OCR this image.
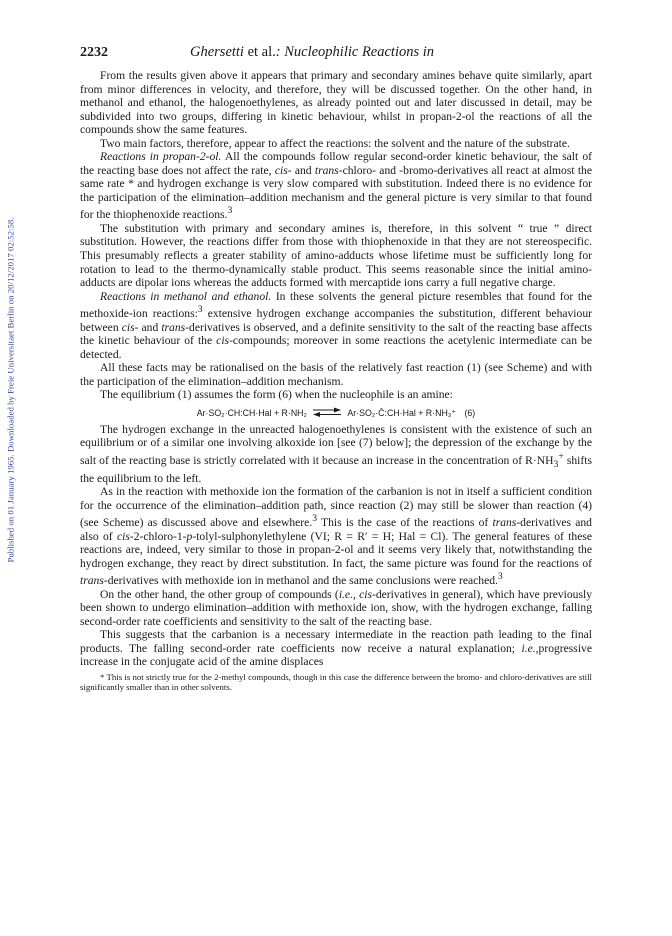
Published on 01 January 1965. Downloaded by Freie Universitaet Berlin on 20/12/2017 02:52:58.
2232	Ghersetti et al.: Nucleophilic Reactions in

From the results given above it appears that primary and secondary amines behave quite similarly, apart from minor differences in velocity, and therefore, they will be discussed together. On the other hand, in methanol and ethanol, the halogenoethylenes, as already pointed out and later discussed in detail, may be subdivided into two groups, differing in kinetic behaviour, whilst in propan-2-ol the reactions of all the compounds show the same features.

Two main factors, therefore, appear to affect the reactions: the solvent and the nature of the substrate.

Reactions in propan-2-ol. All the compounds follow regular second-order kinetic behaviour, the salt of the reacting base does not affect the rate, cis- and trans-chloro- and -bromo-derivatives all react at almost the same rate * and hydrogen exchange is very slow compared with substitution. Indeed there is no evidence for the participation of the elimination–addition mechanism and the general picture is very similar to that found for the thiophenoxide reactions.$^3$

The substitution with primary and secondary amines is, therefore, in this solvent “ true ” direct substitution. However, the reactions differ from those with thiophenoxide in that they are not stereospecific. This presumably reflects a greater stability of amino-adducts whose lifetime must be sufficiently long for rotation to lead to the thermo-dynamically stable product. This seems reasonable since the initial amino-adducts are dipolar ions whereas the adducts formed with mercaptide ions carry a full negative charge.

Reactions in methanol and ethanol. In these solvents the general picture resembles that found for the methoxide-ion reactions:$^3$ extensive hydrogen exchange accompanies the substitution, different behaviour between cis- and trans-derivatives is observed, and a definite sensitivity to the salt of the reacting base affects the kinetic behaviour of the cis-compounds; moreover in some reactions the acetylenic intermediate can be detected.

All these facts may be rationalised on the basis of the relatively fast reaction (1) (see Scheme) and with the participation of the elimination–addition mechanism.

The equilibrium (1) assumes the form (6) when the nucleophile is an amine:

Ar·SO₂·CH:CH·Hal + R·NH₂ ⇌ Ar·SO₂·C̄:CH·Hal + R·NH₃⁺ (6)

The hydrogen exchange in the unreacted halogenoethylenes is consistent with the existence of such an equilibrium or of a similar one involving alkoxide ion [see (7) below]; the depression of the exchange by the salt of the reacting base is strictly correlated with it because an increase in the concentration of $R\cdot NH_3^+$ shifts the equilibrium to the left.

As in the reaction with methoxide ion the formation of the carbanion is not in itself a sufficient condition for the occurrence of the elimination–addition path, since reaction (2) may still be slower than reaction (4) (see Scheme) as discussed above and elsewhere.$^3$ This is the case of the reactions of trans-derivatives and also of cis-2-chloro-1-p-tolyl-sulphonylethylene (VI; R = R′ = H; Hal = Cl). The general features of these reactions are, indeed, very similar to those in propan-2-ol and it seems very likely that, notwithstanding the hydrogen exchange, they react by direct substitution. In fact, the same picture was found for the reactions of trans-derivatives with methoxide ion in methanol and the same conclusions were reached.$^3$

On the other hand, the other group of compounds (i.e., cis-derivatives in general), which have previously been shown to undergo elimination–addition with methoxide ion, show, with the hydrogen exchange, falling second-order rate coefficients and sensitivity to the salt of the reacting base.

This suggests that the carbanion is a necessary intermediate in the reaction path leading to the final products. The falling second-order rate coefficients now receive a natural explanation; i.e.,progressive increase in the conjugate acid of the amine displaces

* This is not strictly true for the 2-methyl compounds, though in this case the difference between the bromo- and chloro-derivatives are still significantly smaller than in other solvents.
